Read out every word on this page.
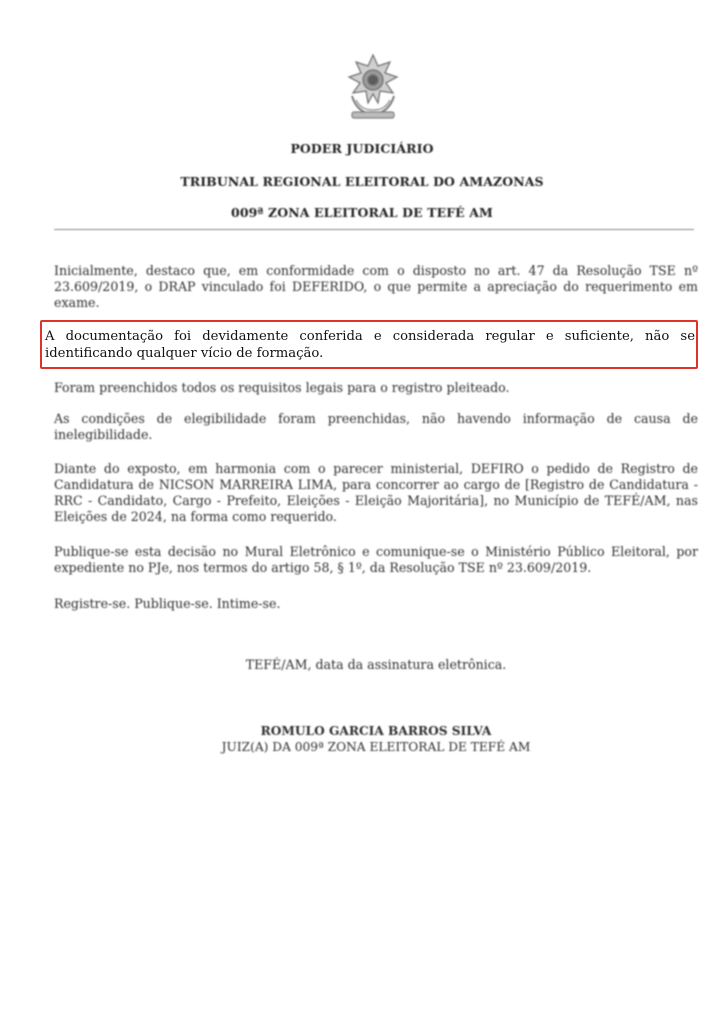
PODER JUDICIÁRIO
TRIBUNAL REGIONAL ELEITORAL DO AMAZONAS
009ª ZONA ELEITORAL DE TEFÉ AM
Inicialmente, destaco que, em conformidade com o disposto no art. 47 da Resolução TSE nº 23.609/2019, o DRAP vinculado foi DEFERIDO, o que permite a apreciação do requerimento em exame.
Foram preenchidos todos os requisitos legais para o registro pleiteado.
As condições de elegibilidade foram preenchidas, não havendo informação de causa de inelegibilidade.
Diante do exposto, em harmonia com o parecer ministerial, DEFIRO o pedido de Registro de Candidatura de NICSON MARREIRA LIMA, para concorrer ao cargo de [Registro de Candidatura - RRC - Candidato, Cargo - Prefeito, Eleições - Eleição Majoritária], no Município de TEFÉ/AM, nas Eleições de 2024, na forma como requerido.
Publique-se esta decisão no Mural Eletrônico e comunique-se o Ministério Público Eleitoral, por expediente no PJe, nos termos do artigo 58, § 1º, da Resolução TSE nº 23.609/2019.
Registre-se. Publique-se. Intime-se.
TEFÉ/AM, data da assinatura eletrônica.
ROMULO GARCIA BARROS SILVA
JUIZ(A) DA 009ª ZONA ELEITORAL DE TEFÉ AM
A documentação foi devidamente conferida e considerada regular e suficiente, não se identificando qualquer vício de formação.
